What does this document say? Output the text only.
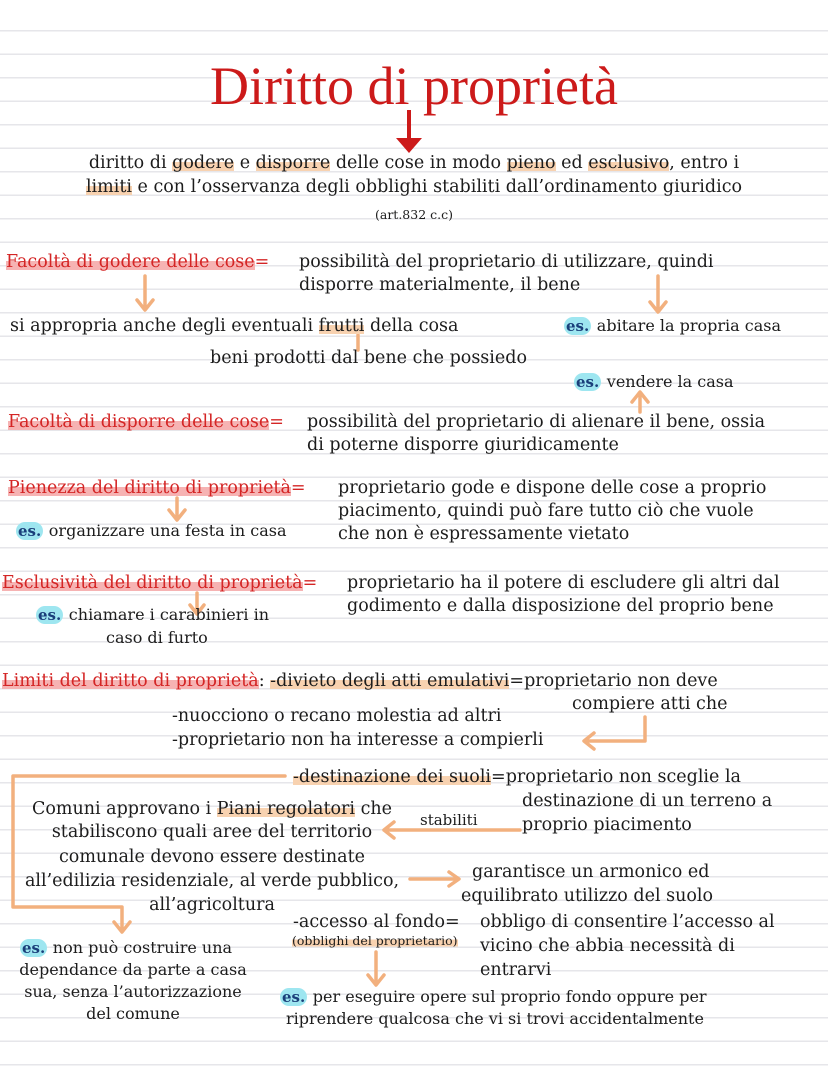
Diritto di proprietà
diritto di godere e disporre delle cose in modo pieno ed esclusivo, entro i
limiti e con l’osservanza degli obblighi stabiliti dall’ordinamento giuridico
(art.832 c.c)
Facoltà di godere delle cose= possibilità del proprietario di utilizzare, quindi
disporre materialmente, il bene
si appropria anche degli eventuali frutti della cosa	es. abitare la propria casa
beni prodotti dal bene che possiedo
es. vendere la casa
Facoltà di disporre delle cose= possibilità del proprietario di alienare il bene, ossia
di poterne disporre giuridicamente
Pienezza del diritto di proprietà= proprietario gode e dispone delle cose a proprio
piacimento, quindi può fare tutto ciò che vuole
che non è espressamente vietato
es. organizzare una festa in casa
Esclusività del diritto di proprietà= proprietario ha il potere di escludere gli altri dal
godimento e dalla disposizione del proprio bene
es. chiamare i carabinieri in
caso di furto
Limiti del diritto di proprietà: -divieto degli atti emulativi=proprietario non deve
compiere atti che
-nuocciono o recano molestia ad altri
-proprietario non ha interesse a compierli
-destinazione dei suoli=proprietario non sceglie la
destinazione di un terreno a
proprio piacimento
stabiliti
Comuni approvano i Piani regolatori che
stabiliscono quali aree del territorio
comunale devono essere destinate
all’edilizia residenziale, al verde pubblico,
all’agricoltura
garantisce un armonico ed
equilibrato utilizzo del suolo
es. non può costruire una
dependance da parte a casa
sua, senza l’autorizzazione
del comune
-accesso al fondo=
(obblighi del proprietario)
obbligo di consentire l’accesso al
vicino che abbia necessità di
entrarvi
es. per eseguire opere sul proprio fondo oppure per
riprendere qualcosa che vi si trovi accidentalmente
